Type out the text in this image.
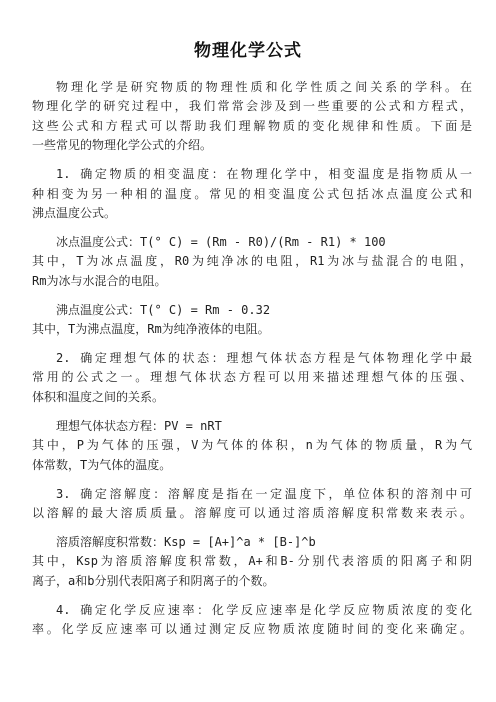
物理化学公式
物理化学是研究物质的物理性质和化学性质之间关系的学科。在
物理化学的研究过程中，我们常常会涉及到一些重要的公式和方程式，
这些公式和方程式可以帮助我们理解物质的变化规律和性质。下面是
一些常见的物理化学公式的介绍。
1. 确定物质的相变温度：在物理化学中，相变温度是指物质从一
种相变为另一种相的温度。常见的相变温度公式包括冰点温度公式和
沸点温度公式。
冰点温度公式：T(° C) = (Rm - R0)/(Rm - R1) * 100
其中，T为冰点温度，R0为纯净冰的电阻，R1为冰与盐混合的电阻，
Rm为冰与水混合的电阻。
沸点温度公式：T(° C) = Rm - 0.32
其中，T为沸点温度，Rm为纯净液体的电阻。
2. 确定理想气体的状态：理想气体状态方程是气体物理化学中最
常用的公式之一。理想气体状态方程可以用来描述理想气体的压强、
体积和温度之间的关系。
理想气体状态方程：PV = nRT
其中，P为气体的压强，V为气体的体积，n为气体的物质量，R为气
体常数，T为气体的温度。
3. 确定溶解度：溶解度是指在一定温度下，单位体积的溶剂中可
以溶解的最大溶质质量。溶解度可以通过溶质溶解度积常数来表示。
溶质溶解度积常数：Ksp = [A+]^a * [B-]^b
其中，Ksp为溶质溶解度积常数，A+和B-分别代表溶质的阳离子和阴
离子，a和b分别代表阳离子和阴离子的个数。
4. 确定化学反应速率：化学反应速率是化学反应物质浓度的变化
率。化学反应速率可以通过测定反应物质浓度随时间的变化来确定。
